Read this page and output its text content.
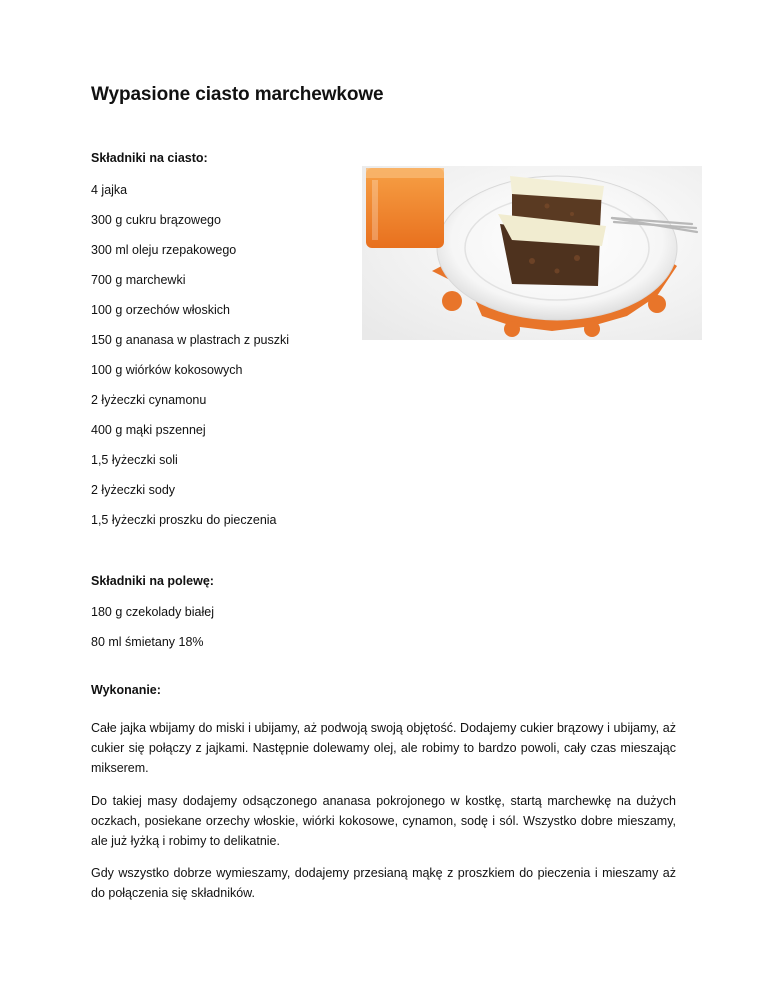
Wypasione ciasto marchewkowe

Składniki na ciasto:

4 jajka
300 g cukru brązowego
300 ml oleju rzepakowego
700 g marchewki
100 g orzechów włoskich
150 g ananasa w plastrach z puszki
100 g wiórków kokosowych
2 łyżeczki cynamonu
400 g mąki pszennej
1,5 łyżeczki soli
2 łyżeczki sody
1,5 łyżeczki proszku do pieczenia

Składniki na polewę:

180 g czekolady białej
80 ml śmietany 18%

Wykonanie:

Całe jajka wbijamy do miski i ubijamy, aż podwoją swoją objętość. Dodajemy cukier brązowy i ubijamy, aż cukier się połączy z jajkami. Następnie dolewamy olej, ale robimy to bardzo powoli, cały czas mieszając mikserem.

Do takiej masy dodajemy odsączonego ananasa pokrojonego w kostkę, startą marchewkę na dużych oczkach, posiekane orzechy włoskie, wiórki kokosowe, cynamon, sodę i sól. Wszystko dobre mieszamy, ale już łyżką i robimy to delikatnie.

Gdy wszystko dobrze wymieszamy, dodajemy przesianą mąkę z proszkiem do pieczenia i mieszamy aż do połączenia się składników.
